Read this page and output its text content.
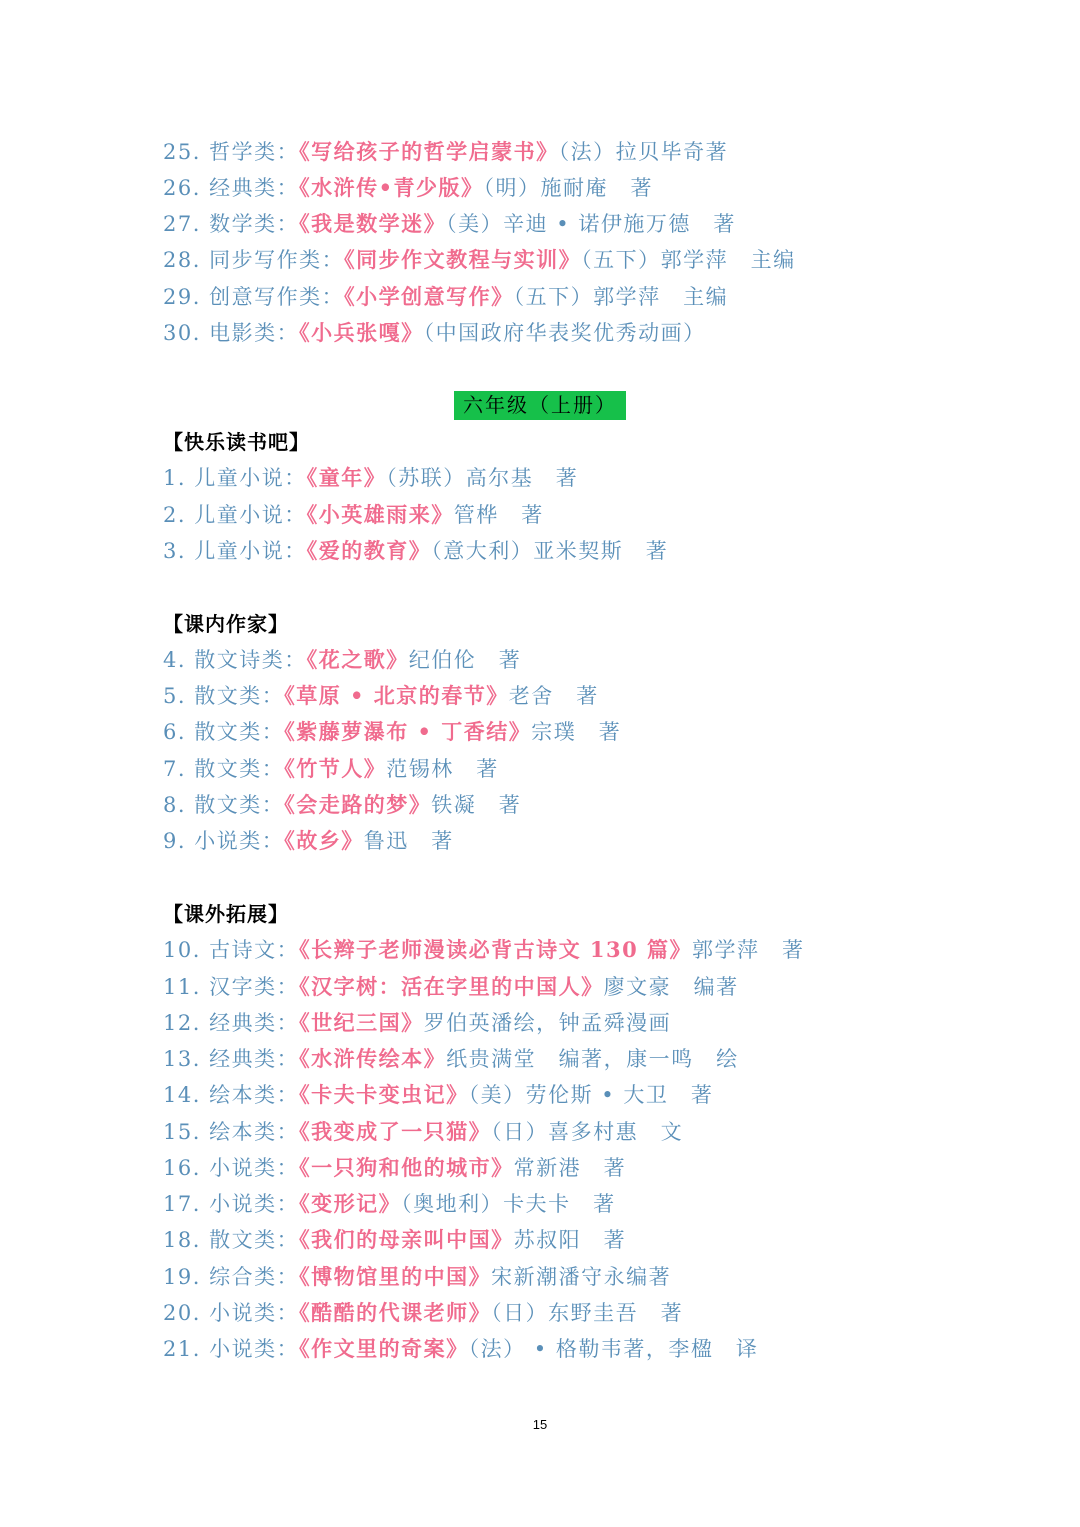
25. 哲学类：《写给孩子的哲学启蒙书》（法）拉贝毕奇著
26. 经典类：《水浒传•青少版》（明）施耐庵　著
27. 数学类：《我是数学迷》（美）辛迪 • 诺伊施万德　著
28. 同步写作类：《同步作文教程与实训》（五下）郭学萍　主编
29. 创意写作类：《小学创意写作》（五下）郭学萍　主编
30. 电影类：《小兵张嘎》（中国政府华表奖优秀动画）
六年级（上册）
【快乐读书吧】
1. 儿童小说：《童年》（苏联）高尔基　著
2. 儿童小说：《小英雄雨来》管桦　著
3. 儿童小说：《爱的教育》（意大利）亚米契斯　著
【课内作家】
4. 散文诗类：《花之歌》纪伯伦　著
5. 散文类：《草原 • 北京的春节》老舍　著
6. 散文类：《紫藤萝瀑布 • 丁香结》宗璞　著
7. 散文类：《竹节人》范锡林　著
8. 散文类：《会走路的梦》铁凝　著
9. 小说类：《故乡》鲁迅　著
【课外拓展】
10. 古诗文：《长辫子老师漫读必背古诗文 130 篇》郭学萍　著
11. 汉字类：《汉字树：活在字里的中国人》廖文豪　编著
12. 经典类：《世纪三国》罗伯英潘绘，钟孟舜漫画
13. 经典类：《水浒传绘本》纸贵满堂　编著，康一鸣　绘
14. 绘本类：《卡夫卡变虫记》（美）劳伦斯 • 大卫　著
15. 绘本类：《我变成了一只猫》（日）喜多村惠　文
16. 小说类：《一只狗和他的城市》常新港　著
17. 小说类：《变形记》（奥地利）卡夫卡　著
18. 散文类：《我们的母亲叫中国》苏叔阳　著
19. 综合类：《博物馆里的中国》宋新潮潘守永编著
20. 小说类：《酷酷的代课老师》（日）东野圭吾　著
21. 小说类：《作文里的奇案》（法） • 格勒韦著，李楹　译
15
